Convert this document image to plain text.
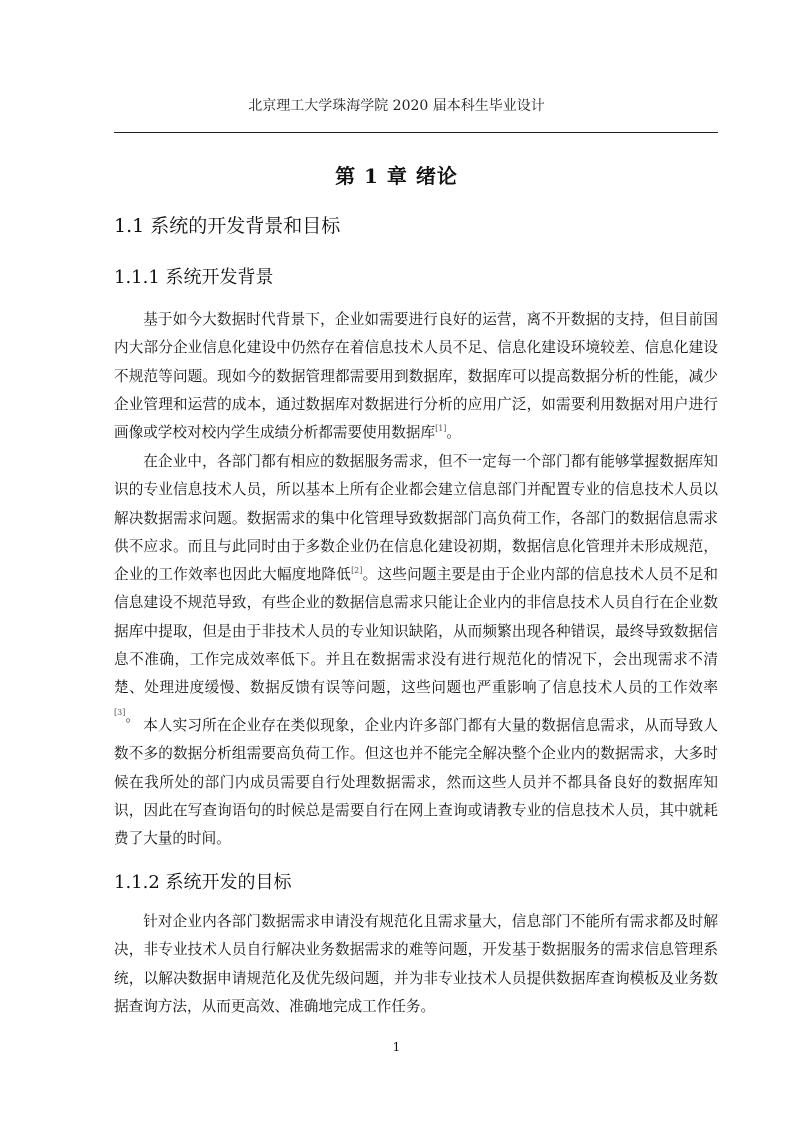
北京理工大学珠海学院 2020 届本科生毕业设计
第 1 章 绪论
1.1 系统的开发背景和目标
1.1.1 系统开发背景

基于如今大数据时代背景下，企业如需要进行良好的运营，离不开数据的支持，但目前国内大部分企业信息化建设中仍然存在着信息技术人员不足、信息化建设环境较差、信息化建设不规范等问题。现如今的数据管理都需要用到数据库，数据库可以提高数据分析的性能，减少企业管理和运营的成本，通过数据库对数据进行分析的应用广泛，如需要利用数据对用户进行画像或学校对校内学生成绩分析都需要使用数据库[1]。

在企业中，各部门都有相应的数据服务需求，但不一定每一个部门都有能够掌握数据库知识的专业信息技术人员，所以基本上所有企业都会建立信息部门并配置专业的信息技术人员以解决数据需求问题。数据需求的集中化管理导致数据部门高负荷工作，各部门的数据信息需求供不应求。而且与此同时由于多数企业仍在信息化建设初期，数据信息化管理并未形成规范，企业的工作效率也因此大幅度地降低[2]。这些问题主要是由于企业内部的信息技术人员不足和信息建设不规范导致，有些企业的数据信息需求只能让企业内的非信息技术人员自行在企业数据库中提取，但是由于非技术人员的专业知识缺陷，从而频繁出现各种错误，最终导致数据信息不准确，工作完成效率低下。并且在数据需求没有进行规范化的情况下，会出现需求不清楚、处理进度缓慢、数据反馈有误等问题，这些问题也严重影响了信息技术人员的工作效率[3]。

本人实习所在企业存在类似现象，企业内许多部门都有大量的数据信息需求，从而导致人数不多的数据分析组需要高负荷工作。但这也并不能完全解决整个企业内的数据需求，大多时候在我所处的部门内成员需要自行处理数据需求，然而这些人员并不都具备良好的数据库知识，因此在写查询语句的时候总是需要自行在网上查询或请教专业的信息技术人员，其中就耗费了大量的时间。

1.1.2 系统开发的目标

针对企业内各部门数据需求申请没有规范化且需求量大，信息部门不能所有需求都及时解决，非专业技术人员自行解决业务数据需求的难等问题，开发基于数据服务的需求信息管理系统，以解决数据申请规范化及优先级问题，并为非专业技术人员提供数据库查询模板及业务数据查询方法，从而更高效、准确地完成工作任务。

1
